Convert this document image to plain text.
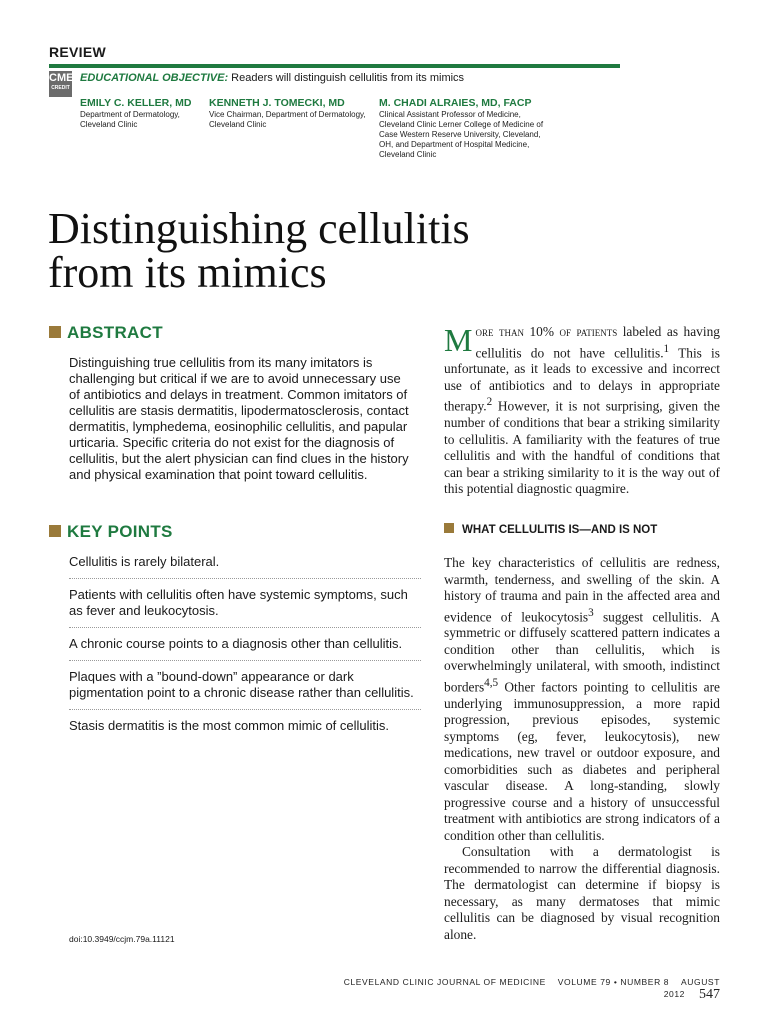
REVIEW
CME
CREDIT
EDUCATIONAL OBJECTIVE: Readers will distinguish cellulitis from its mimics
EMILY C. KELLER, MD
Department of Dermatology, Cleveland Clinic
KENNETH J. TOMECKI, MD
Vice Chairman, Department of Dermatology, Cleveland Clinic
M. CHADI ALRAIES, MD, FACP
Clinical Assistant Professor of Medicine, Cleveland Clinic Lerner College of Medicine of Case Western Reserve University, Cleveland, OH, and Department of Hospital Medicine, Cleveland Clinic
Distinguishing cellulitis
from its mimics
ABSTRACT
Distinguishing true cellulitis from its many imitators is challenging but critical if we are to avoid unnecessary use of antibiotics and delays in treatment. Common imitators of cellulitis are stasis dermatitis, lipodermatosclerosis, contact dermatitis, lymphedema, eosinophilic cellulitis, and papular urticaria. Specific criteria do not exist for the diagnosis of cellulitis, but the alert physician can find clues in the history and physical examination that point toward cellulitis.
KEY POINTS
Cellulitis is rarely bilateral.
Patients with cellulitis often have systemic symptoms, such as fever and leukocytosis.
A chronic course points to a diagnosis other than cellulitis.
Plaques with a ”bound-down” appearance or dark pigmentation point to a chronic disease rather than cellulitis.
Stasis dermatitis is the most common mimic of cellulitis.
doi:10.3949/ccjm.79a.11121
More than 10% of patients labeled as having cellulitis do not have cellulitis.$^1$ This is unfortunate, as it leads to excessive and incorrect use of antibiotics and to delays in appropriate therapy.$^2$ However, it is not surprising, given the number of conditions that bear a striking similarity to cellulitis. A familiarity with the features of true cellulitis and with the handful of conditions that can bear a striking similarity to it is the way out of this potential diagnostic quagmire.
WHAT CELLULITIS IS—AND IS NOT

The key characteristics of cellulitis are redness, warmth, tenderness, and swelling of the skin. A history of trauma and pain in the affected area and evidence of leukocytosis$^3$ suggest cellulitis. A symmetric or diffusely scattered pattern indicates a condition other than cellulitis, which is overwhelmingly unilateral, with smooth, indistinct borders$^{4,5}$ Other factors pointing to cellulitis are underlying immunosuppression, a more rapid progression, previous episodes, systemic symptoms (eg, fever, leukocytosis), new medications, new travel or outdoor exposure, and comorbidities such as diabetes and peripheral vascular disease. A long-standing, slowly progressive course and a history of unsuccessful treatment with antibiotics are strong indicators of a condition other than cellulitis.

Consultation with a dermatologist is recommended to narrow the differential diagnosis. The dermatologist can determine if biopsy is necessary, as many dermatoses that mimic cellulitis can be diagnosed by visual recognition alone.

CLEVELAND CLINIC JOURNAL OF MEDICINE VOLUME 79 • NUMBER 8 AUGUST 2012 547
